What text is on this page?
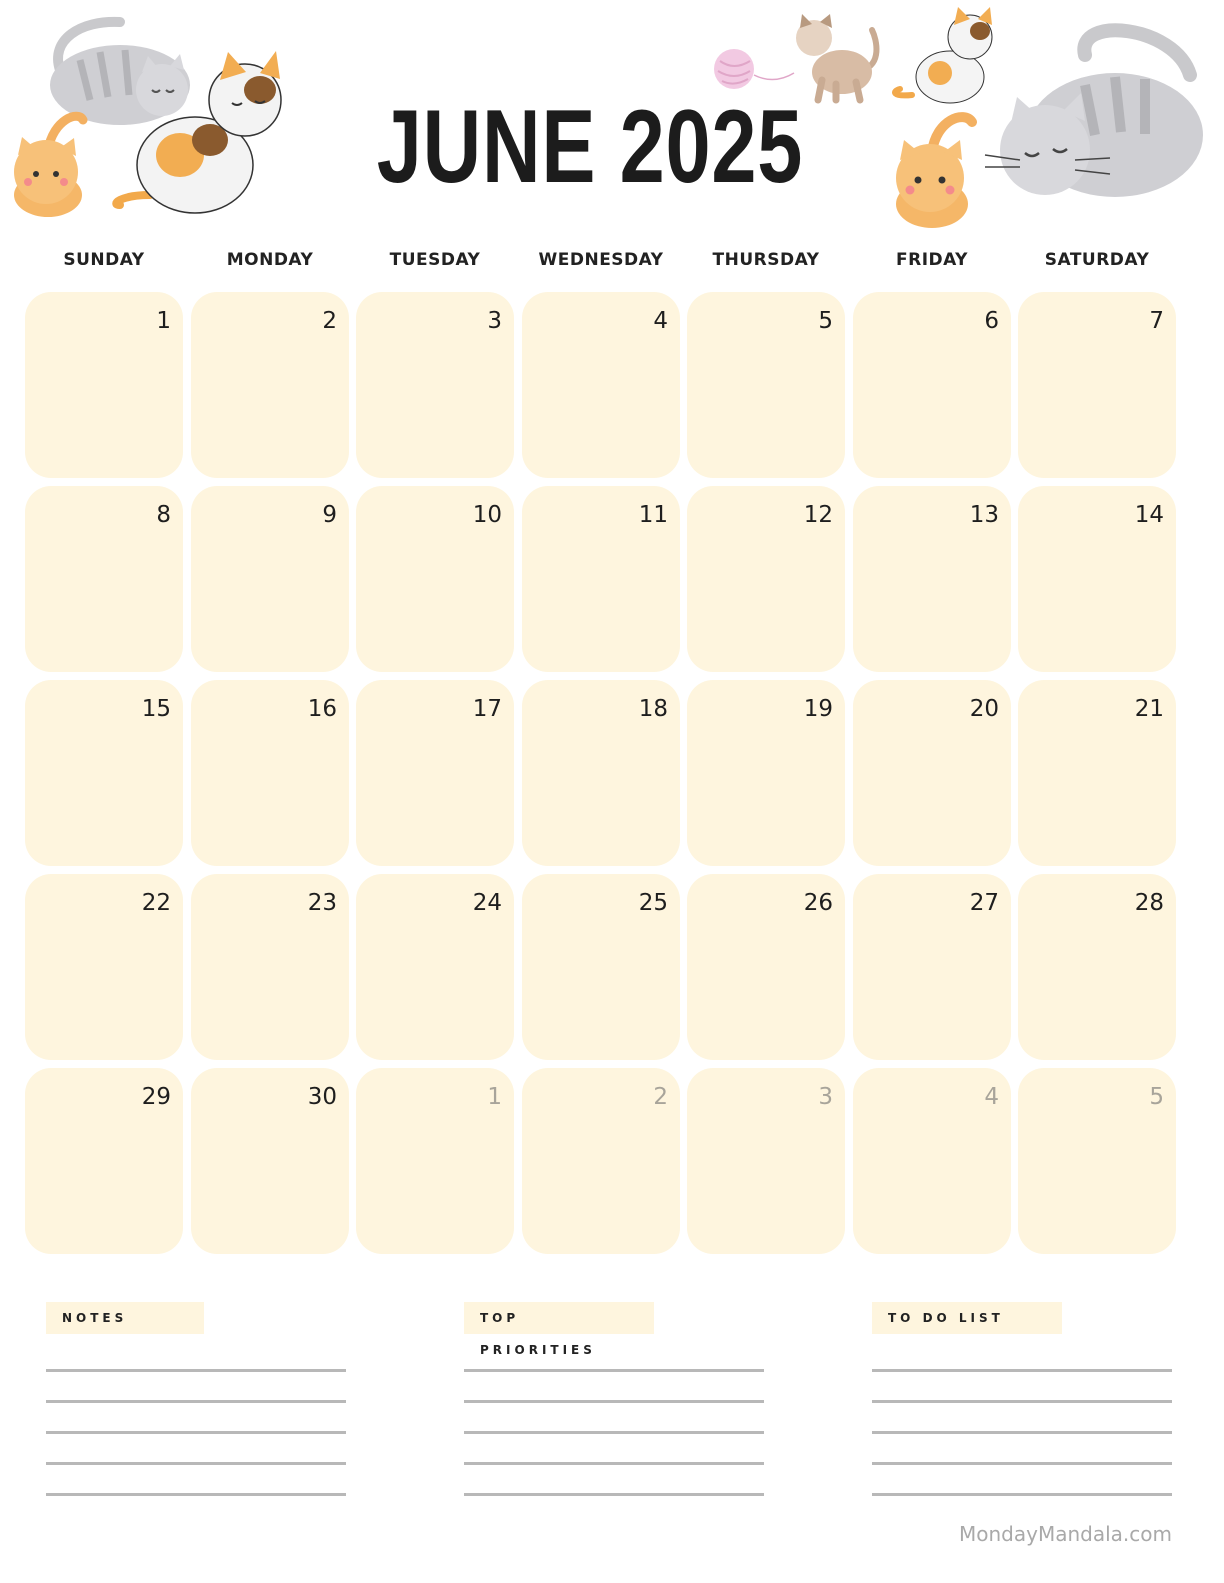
JUNE 2025
SUNDAY	MONDAY	TUESDAY	WEDNESDAY	THURSDAY	FRIDAY	SATURDAY
1	2	3	4	5	6	7
8	9	10	11	12	13	14
15	16	17	18	19	20	21
22	23	24	25	26	27	28
29	30	1	2	3	4	5
NOTES	TOP PRIORITIES
TO DO LIST
MondayMandala.com
